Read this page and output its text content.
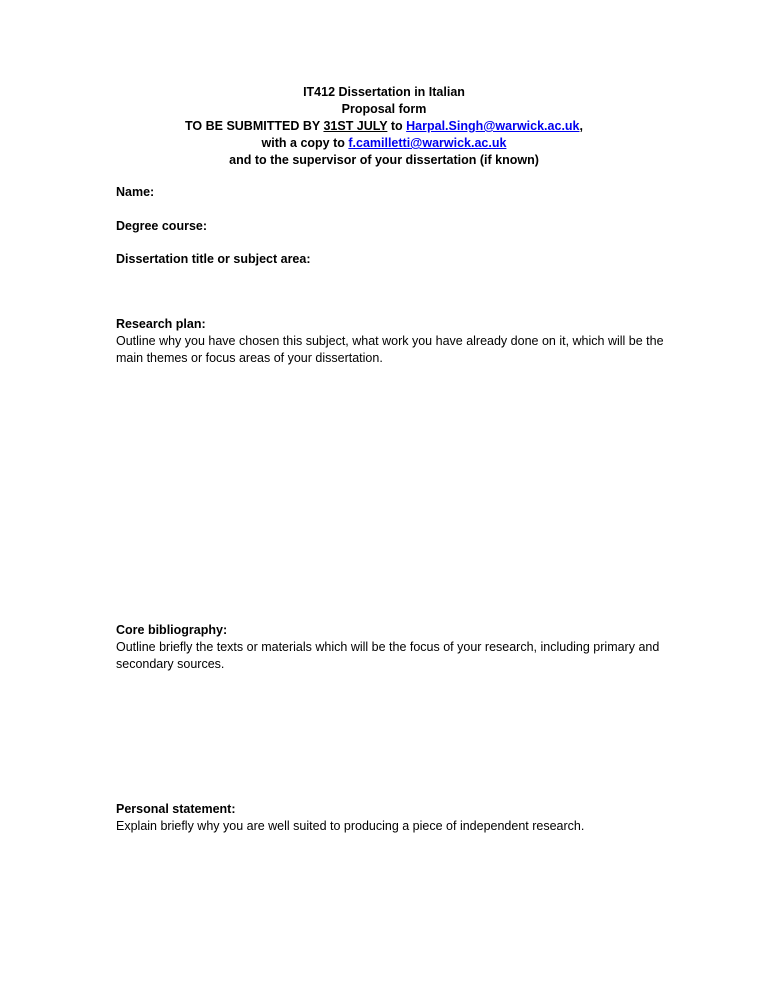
IT412 Dissertation in Italian
Proposal form
TO BE SUBMITTED BY 31ST JULY to Harpal.Singh@warwick.ac.uk,
with a copy to f.camilletti@warwick.ac.uk
and to the supervisor of your dissertation (if known)
Name:
Degree course:
Dissertation title or subject area:
Research plan:
Outline why you have chosen this subject, what work you have already done on it, which will be the main themes or focus areas of your dissertation.
Core bibliography:
Outline briefly the texts or materials which will be the focus of your research, including primary and secondary sources.
Personal statement:
Explain briefly why you are well suited to producing a piece of independent research.
